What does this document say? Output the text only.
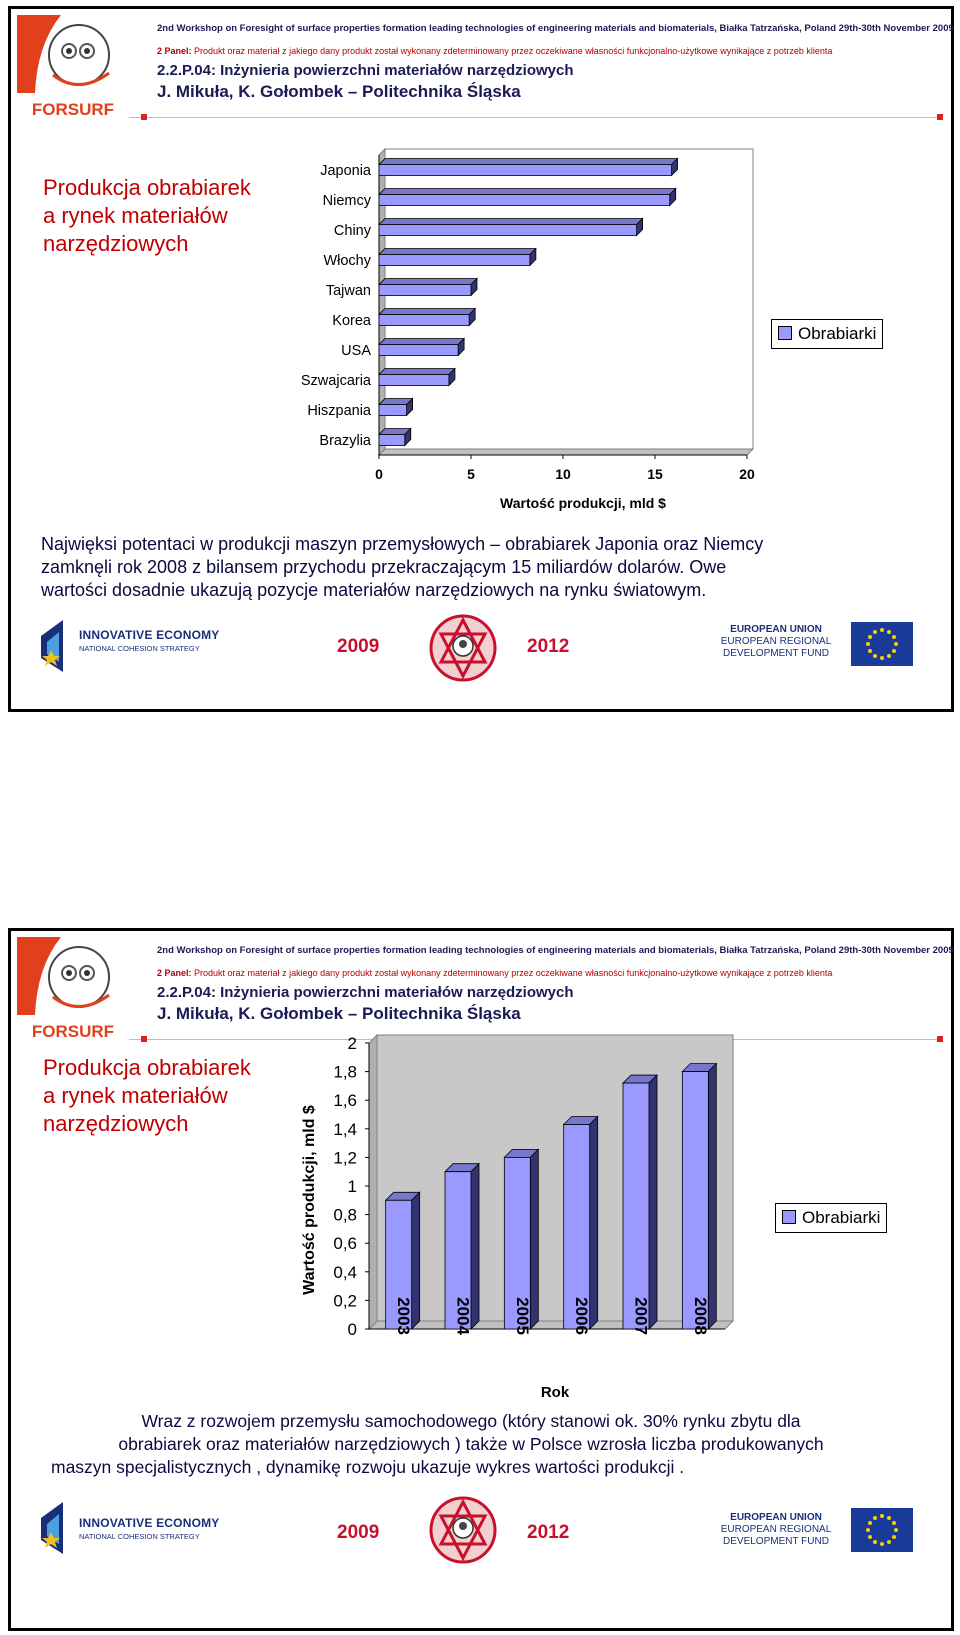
FORSURF
2nd Workshop on Foresight of surface properties formation leading technologies of engineering materials and biomaterials, Białka Tatrzańska, Poland 29th-30th November 2009
2 Panel: Produkt oraz materiał z jakiego dany produkt został wykonany zdeterminowany przez oczekiwane własności funkcjonalno-użytkowe wynikające z potrzeb klienta
2.2.P.04: Inżynieria powierzchni materiałów narzędziowych
J. Mikuła, K. Gołombek – Politechnika Śląska
Produkcja obrabiarek
a rynek materiałów
narzędziowych
Japonia
Niemcy
Chiny
Włochy
Tajwan
Korea
USA
Szwajcaria
Hiszpania
Brazylia
0	5	10	15	20
Wartość produkcji, mld $
Obrabiarki
Najwięksi potentaci w produkcji maszyn przemysłowych – obrabiarek Japonia oraz Niemcy
zamknęli rok 2008 z bilansem przychodu przekraczającym 15 miliardów dolarów. Owe
wartości dosadnie ukazują pozycje materiałów narzędziowych na rynku światowym.
INNOVATIVE ECONOMY
NATIONAL COHESION STRATEGY	2009	2012
EUROPEAN UNION
EUROPEAN REGIONAL
DEVELOPMENT FUND
FORSURF
2nd Workshop on Foresight of surface properties formation leading technologies of engineering materials and biomaterials, Białka Tatrzańska, Poland 29th-30th November 2009
2 Panel: Produkt oraz materiał z jakiego dany produkt został wykonany zdeterminowany przez oczekiwane własności funkcjonalno-użytkowe wynikające z potrzeb klienta
2.2.P.04: Inżynieria powierzchni materiałów narzędziowych
J. Mikuła, K. Gołombek – Politechnika Śląska
Produkcja obrabiarek
a rynek materiałów
narzędziowych
0
0,2
0,4
0,6
0,8
1
1,2
1,4
1,6
1,8
2
2003 2004 2005 2006 2007 2008
Rok
Wartość produkcji, mld $	Obrabiarki
Wraz z rozwojem przemysłu samochodowego (który stanowi ok. 30% rynku zbytu dla
obrabiarek oraz materiałów narzędziowych ) także w Polsce wzrosła liczba produkowanych
maszyn specjalistycznych , dynamikę rozwoju ukazuje wykres wartości produkcji .
INNOVATIVE ECONOMY
NATIONAL COHESION STRATEGY	2009	2012
EUROPEAN UNION
EUROPEAN REGIONAL
DEVELOPMENT FUND
